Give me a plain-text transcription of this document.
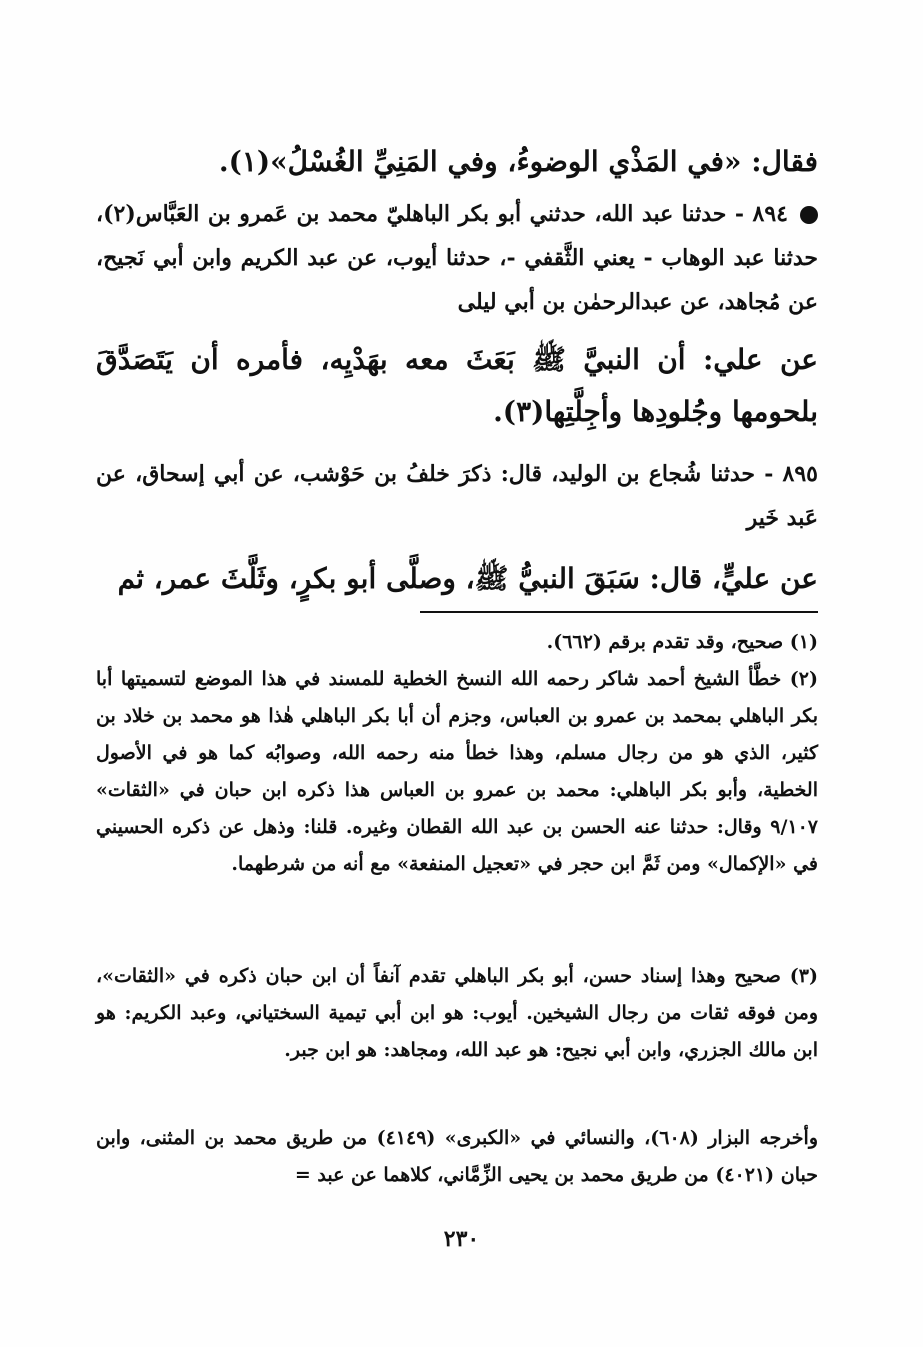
فقال: «في المَذْي الوضوءُ، وفي المَنِيِّ الغُسْلُ»(١).

٨٩٤ - حدثنا عبد الله، حدثني أبو بكر الباهليّ محمد بن عَمرو بن العَبَّاس(٢)، حدثنا عبد الوهاب - يعني الثَّقفي -، حدثنا أيوب، عن عبد الكريم وابن أبي نَجيح، عن مُجاهد، عن عبدالرحمٰن بن أبي ليلى

عن علي: أن النبيَّ ﷺ بَعَثَ معه بهَدْيِه، فأمره أن يَتَصَدَّقَ بلحومها وجُلودِها وأجِلَّتِها(٣).

٨٩٥ - حدثنا شُجاع بن الوليد، قال: ذكرَ خلفُ بن حَوْشب، عن أبي إسحاق، عن عَبد خَير

عن عليٍّ، قال: سَبَقَ النبيُّ ﷺ، وصلَّى أبو بكرٍ، وثَلَّثَ عمر، ثم

(١) صحيح، وقد تقدم برقم (٦٦٢).

(٢) خطَّأ الشيخ أحمد شاكر رحمه الله النسخ الخطية للمسند في هذا الموضع لتسميتها أبا بكر الباهلي بمحمد بن عمرو بن العباس، وجزم أن أبا بكر الباهلي هٰذا هو محمد بن خلاد بن كثير، الذي هو من رجال مسلم، وهذا خطأ منه رحمه الله، وصوابُه كما هو في الأصول الخطية، وأبو بكر الباهلي: محمد بن عمرو بن العباس هذا ذكره ابن حبان في «الثقات» ٩/١٠٧ وقال: حدثنا عنه الحسن بن عبد الله القطان وغيره. قلنا: وذهل عن ذكره الحسيني في «الإكمال» ومن ثَمَّ ابن حجر في «تعجيل المنفعة» مع أنه من شرطهما.

(٣) صحيح وهذا إسناد حسن، أبو بكر الباهلي تقدم آنفاً أن ابن حبان ذكره في «الثقات»، ومن فوقه ثقات من رجال الشيخين. أيوب: هو ابن أبي تيمية السختياني، وعبد الكريم: هو ابن مالك الجزري، وابن أبي نجيح: هو عبد الله، ومجاهد: هو ابن جبر.

وأخرجه البزار (٦٠٨)، والنسائي في «الكبرى» (٤١٤٩) من طريق محمد بن المثنى، وابن حبان (٤٠٢١) من طريق محمد بن يحيى الزِّمَّاني، كلاهما عن عبد =

٢٣٠
